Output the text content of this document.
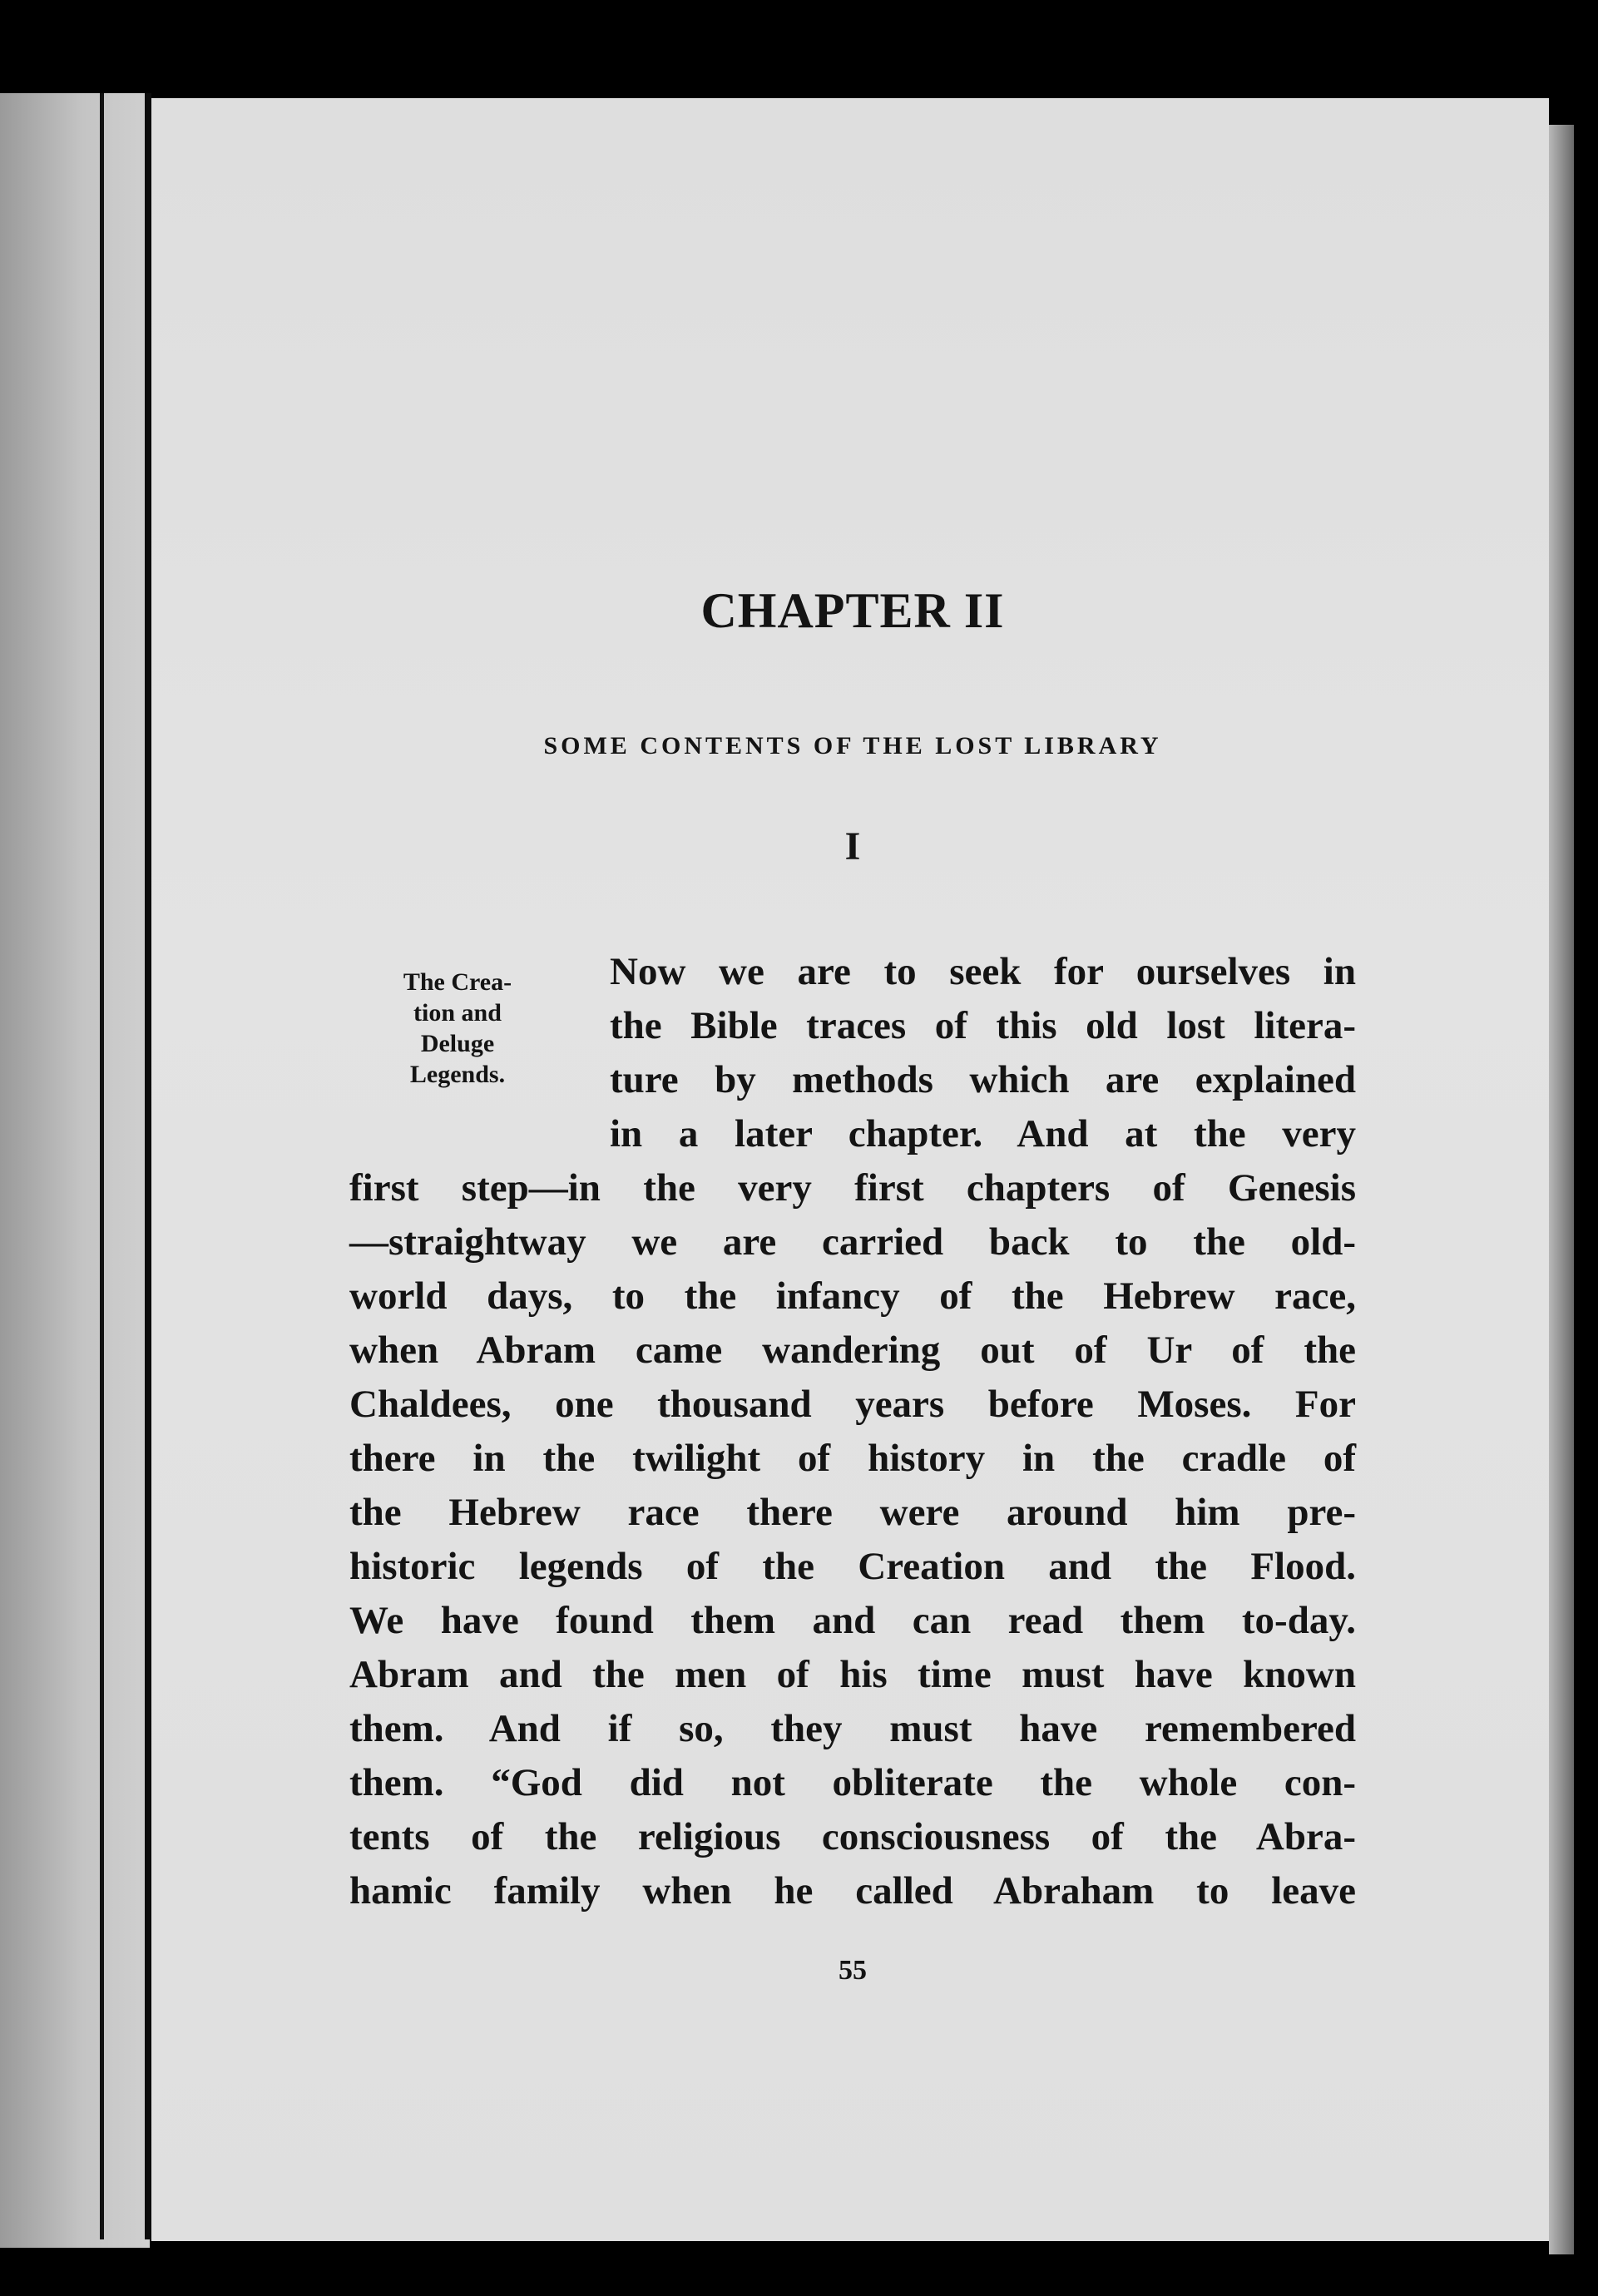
CHAPTER II
SOME CONTENTS OF THE LOST LIBRARY
I
The Crea-
tion and
Deluge
Legends.
Now we are to seek for ourselves in
the Bible traces of this old lost litera-
ture by methods which are explained
in a later chapter. And at the very
first step—in the very first chapters of Genesis
—straightway we are carried back to the old-
world days, to the infancy of the Hebrew race,
when Abram came wandering out of Ur of the
Chaldees, one thousand years before Moses. For
there in the twilight of history in the cradle of
the Hebrew race there were around him pre-
historic legends of the Creation and the Flood.
We have found them and can read them to-day.
Abram and the men of his time must have known
them. And if so, they must have remembered
them. “God did not obliterate the whole con-
tents of the religious consciousness of the Abra-
hamic family when he called Abraham to leave
55
